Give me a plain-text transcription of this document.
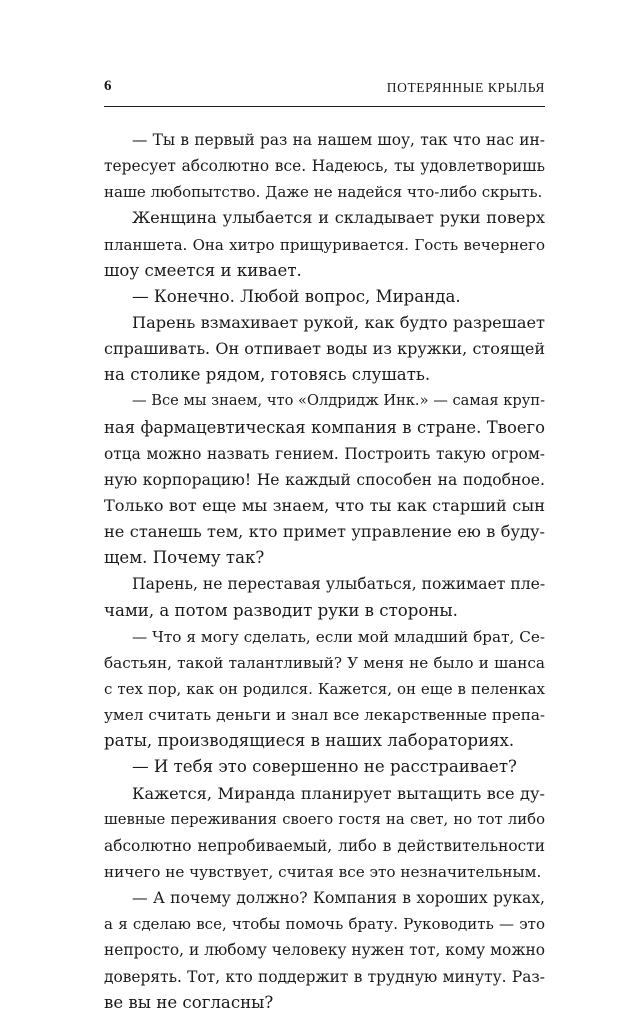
6	ПОТЕРЯННЫЕ КРЫЛЬЯ
— Ты в первый раз на нашем шоу, так что нас ин-
тересует абсолютно все. Надеюсь, ты удовлетворишь
наше любопытство. Даже не надейся что-либо скрыть.
Женщина улыбается и складывает руки поверх
планшета. Она хитро прищуривается. Гость вечернего
шоу смеется и кивает.
— Конечно. Любой вопрос, Миранда.
Парень взмахивает рукой, как будто разрешает
спрашивать. Он отпивает воды из кружки, стоящей
на столике рядом, готовясь слушать.
— Все мы знаем, что «Олдридж Инк.» — самая круп-
ная фармацевтическая компания в стране. Твоего
отца можно назвать гением. Построить такую огром-
ную корпорацию! Не каждый способен на подобное.
Только вот еще мы знаем, что ты как старший сын
не станешь тем, кто примет управление ею в буду-
щем. Почему так?
Парень, не переставая улыбаться, пожимает пле-
чами, а потом разводит руки в стороны.
— Что я могу сделать, если мой младший брат, Се-
бастьян, такой талантливый? У меня не было и шанса
с тех пор, как он родился. Кажется, он еще в пеленках
умел считать деньги и знал все лекарственные препа-
раты, производящиеся в наших лабораториях.
— И тебя это совершенно не расстраивает?
Кажется, Миранда планирует вытащить все ду-
шевные переживания своего гостя на свет, но тот либо
абсолютно непробиваемый, либо в действительности
ничего не чувствует, считая все это незначительным.
— А почему должно? Компания в хороших руках,
а я сделаю все, чтобы помочь брату. Руководить — это
непросто, и любому человеку нужен тот, кому можно
доверять. Тот, кто поддержит в трудную минуту. Раз-
ве вы не согласны?
